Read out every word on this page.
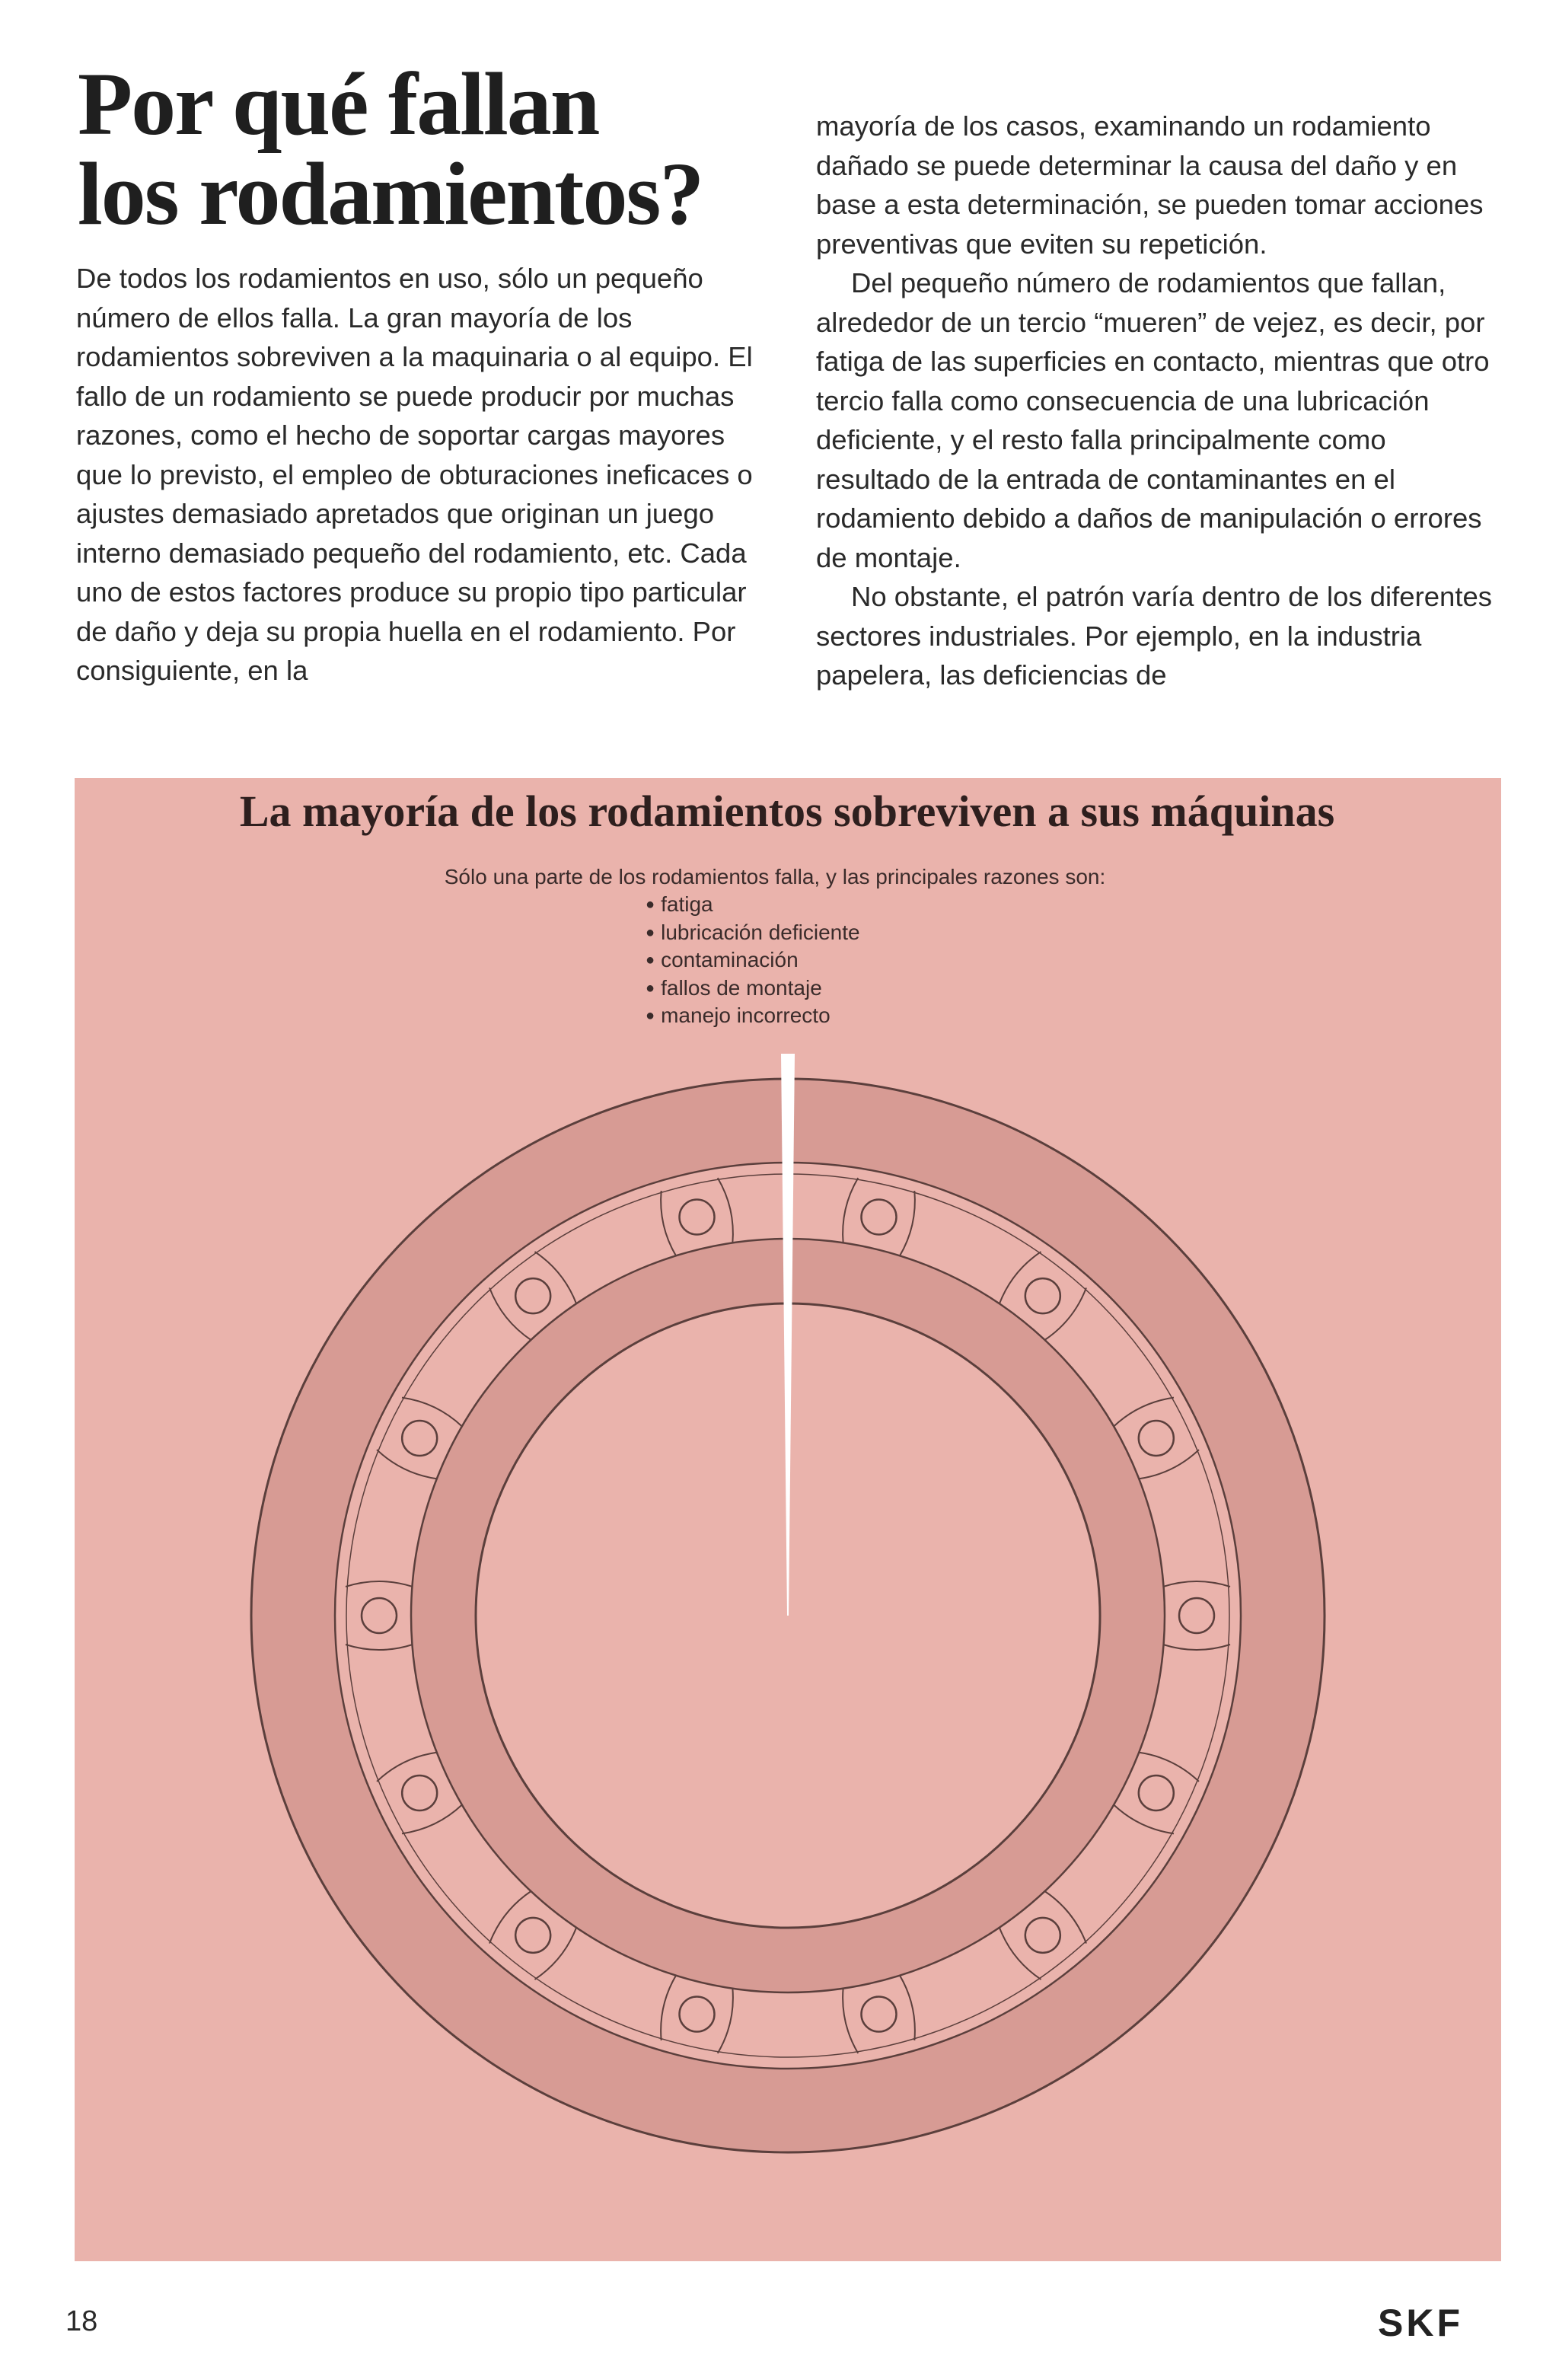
Por qué fallan
los rodamientos?

De todos los rodamientos en uso, sólo un pequeño número de ellos falla. La gran mayoría de los rodamientos sobreviven a la maquinaria o al equipo. El fallo de un rodamiento se puede producir por muchas razones, como el hecho de soportar cargas mayores que lo previsto, el empleo de obturaciones ineficaces o ajustes demasiado apretados que originan un juego interno demasiado pequeño del rodamiento, etc. Cada uno de estos factores produce su propio tipo particular de daño y deja su propia huella en el rodamiento. Por consiguiente, en la

mayoría de los casos, examinando un rodamiento dañado se puede determinar la causa del daño y en base a esta determinación, se pueden tomar acciones preventivas que eviten su repetición.

Del pequeño número de rodamientos que fallan, alrededor de un tercio “mueren” de vejez, es decir, por fatiga de las superficies en contacto, mientras que otro tercio falla como consecuencia de una lubricación deficiente, y el resto falla principalmente como resultado de la entrada de contaminantes en el rodamiento debido a daños de manipulación o errores de montaje.

No obstante, el patrón varía dentro de los diferentes sectores industriales. Por ejemplo, en la industria papelera, las deficiencias de

La mayoría de los rodamientos sobreviven a sus máquinas
Sólo una parte de los rodamientos falla, y las principales razones son:
● fatiga
● lubricación deficiente
● contaminación
● fallos de montaje
● manejo incorrecto
18	SKF
